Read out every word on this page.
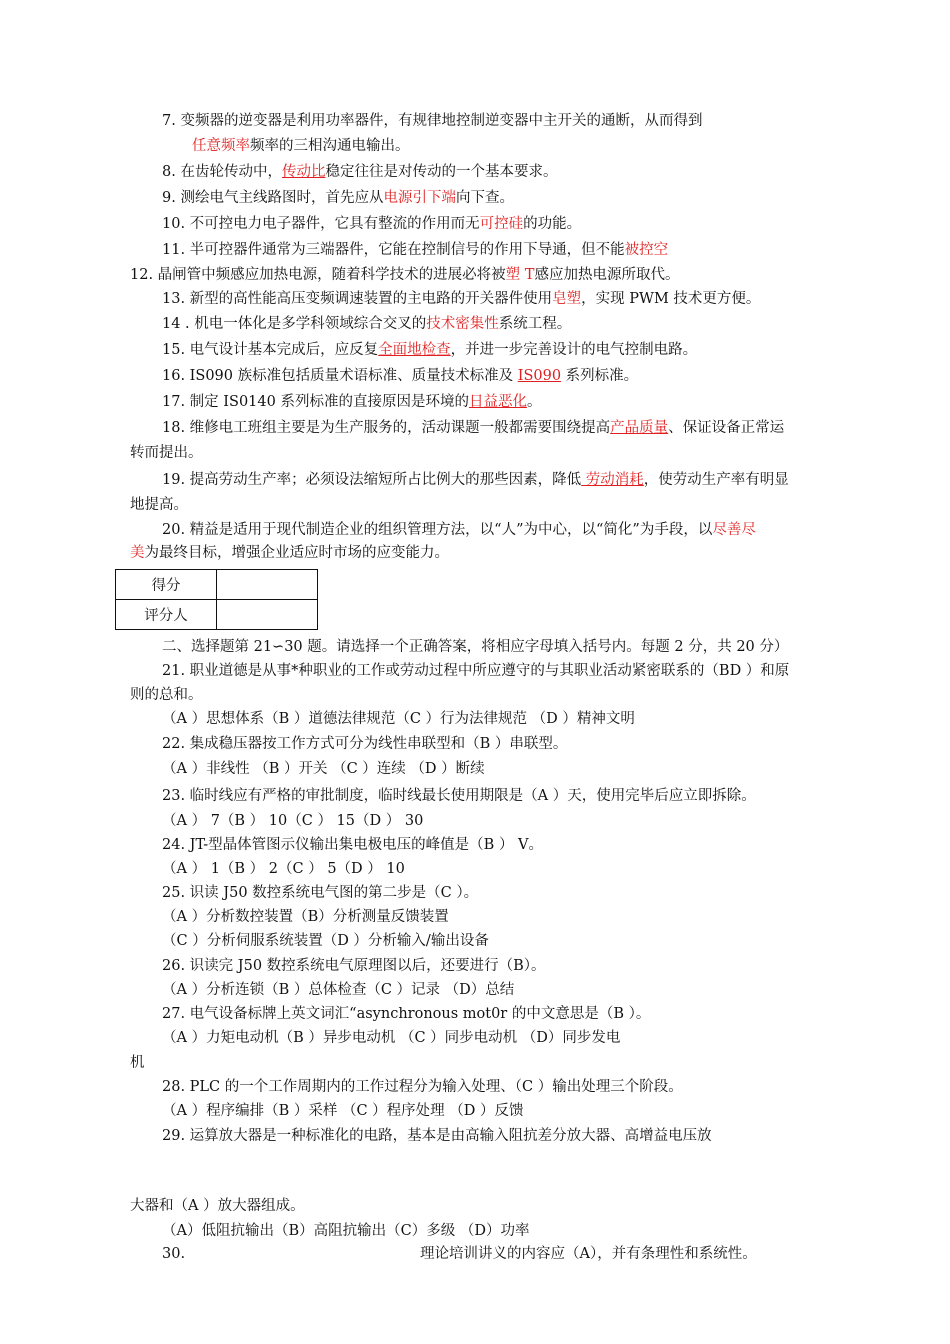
7. 变频器的逆变器是利用功率器件，有规律地控制逆变器中主开关的通断，从而得到
任意频率频率的三相沟通电输出。
8. 在齿轮传动中，传动比稳定往往是对传动的一个基本要求。
9. 测绘电气主线路图时，首先应从电源引下端向下查。
10. 不可控电力电子器件，它具有整流的作用而无可控硅的功能。
11. 半可控器件通常为三端器件，它能在控制信号的作用下导通，但不能被控空
12. 晶闸管中频感应加热电源，随着科学技术的进展必将被塑 T感应加热电源所取代。
13. 新型的高性能高压变频调速装置的主电路的开关器件使用皂塑，实现 PWM 技术更方便。
14 . 机电一体化是多学科领域综合交叉的技术密集性系统工程。
15. 电气设计基本完成后，应反复全面地检查，并进一步完善设计的电气控制电路。
16. IS090 族标准包括质量术语标准、质量技术标准及 IS090 系列标准。
17. 制定 IS0140 系列标准的直接原因是环境的日益恶化。
18. 维修电工班组主要是为生产服务的，活动课题一般都需要围绕提高产品质量、保证设备正常运
转而提出。
19. 提高劳动生产率；必须设法缩短所占比例大的那些因素，降低 劳动消耗，使劳动生产率有明显
地提高。
20. 精益是适用于现代制造企业的组织管理方法，以“人”为中心，以“简化”为手段，以尽善尽
美为最终目标，增强企业适应时市场的应变能力。
得分	
评分人	
二、选择题第 21∽30 题。请选择一个正确答案，将相应字母填入括号内。每题 2 分，共 20 分）
21. 职业道德是从事*种职业的工作或劳动过程中所应遵守的与其职业活动紧密联系的（BD ）和原
则的总和。
（A ）思想体系（B ）道德法律规范（C ）行为法律规范 （D ）精神文明
22. 集成稳压器按工作方式可分为线性串联型和（B ）串联型。
（A ）非线性 （B ）开关 （C ）连续 （D ）断续
23. 临时线应有严格的审批制度，临时线最长使用期限是（A ）天，使用完毕后应立即拆除。
（A ） 7（B ） 10（C ） 15（D ） 30
24. JT-型晶体管图示仪输出集电极电压的峰值是（B ） V。
（A ） 1（B ） 2（C ） 5（D ） 10
25. 识读 J50 数控系统电气图的第二步是（C ）。
（A ）分析数控装置（B）分析测量反馈装置
（C ）分析伺服系统装置（D ）分析输入/输出设备
26. 识读完 J50 数控系统电气原理图以后，还要进行（B）。
（A ）分析连锁（B ）总体检查（C ）记录 （D）总结
27. 电气设备标牌上英文词汇“asynchronous mot0r 的中文意思是（B ）。
（A ）力矩电动机（B ）异步电动机 （C ）同步电动机 （D）同步发电
机
28. PLC 的一个工作周期内的工作过程分为输入处理、（C ）输出处理三个阶段。
（A ）程序编排（B ）采样 （C ）程序处理 （D ）反馈
29. 运算放大器是一种标准化的电路，基本是由高输入阻抗差分放大器、高增益电压放
大器和（A ）放大器组成。
（A）低阻抗输出（B）高阻抗输出（C）多级 （D）功率
30.	理论培训讲义的内容应（A），并有条理性和系统性。
